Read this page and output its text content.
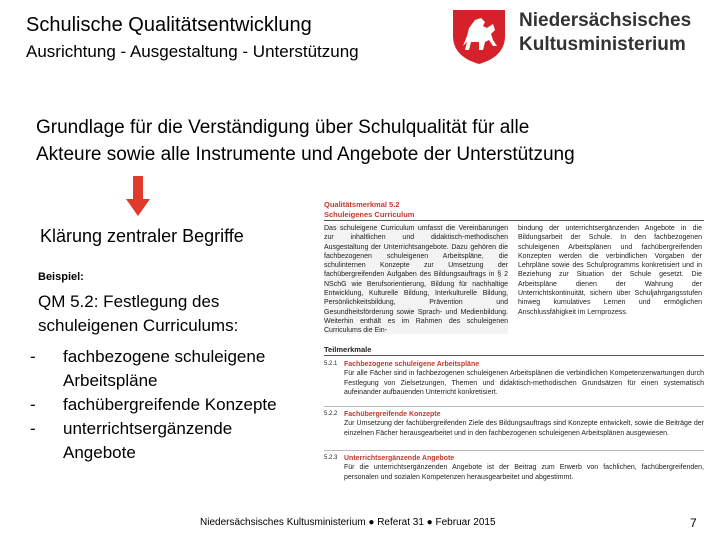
Schulische Qualitätsentwicklung
Ausrichtung - Ausgestaltung - Unterstützung
Niedersächsisches
Kultusministerium
Grundlage für die Verständigung über Schulqualität für alle
Akteure sowie alle Instrumente und Angebote der Unterstützung
Klärung zentraler Begriffe
Beispiel:
QM 5.2: Festlegung des
schuleigenen Curriculums:
- fachbezogene schuleigene Arbeitspläne
- fachübergreifende Konzepte
- unterrichtsergänzende Angebote
Qualitätsmerkmal 5.2
Schuleigenes Curriculum
Das schuleigene Curriculum umfasst die Vereinbarungen zur inhaltlichen und didaktisch-methodischen Ausgestaltung der Unterrichtsangebote. Dazu gehören die fachbezogenen schuleigenen Arbeitspläne, die schulinternen Konzepte zur Umsetzung der fachübergreifenden Aufgaben des Bildungsauftrags in § 2 NSchG wie Berufsorientierung, Bildung für nachhaltige Entwicklung, Kulturelle Bildung, Interkulturelle Bildung, Persönlichkeitsbildung, Prävention und Gesundheitsförderung sowie Sprach- und Medienbildung. Weiterhin enthält es im Rahmen des schuleigenen Curriculums die Ein-
bindung der unterrichtsergänzenden Angebote in die Bildungsarbeit der Schule. In den fachbezogenen schuleigenen Arbeitsplänen und fachübergreifenden Konzepten werden die verbindlichen Vorgaben der Lehrpläne sowie des Schulprogramms konkretisiert und in Beziehung zur Situation der Schule gesetzt. Die Arbeitspläne dienen der Wahrung der Unterrichtskontinuität, sichern über Schuljahrgangsstufen hinweg kumulatives Lernen und ermöglichen Anschlussfähigkeit im Lernprozess.
Teilmerkmale
5.2.1 Fachbezogene schuleigene Arbeitspläne
Für alle Fächer sind in fachbezogenen schuleigenen Arbeitsplänen die verbindlichen Kompetenzerwartungen durch Festlegung von Zielsetzungen, Themen und didaktisch-methodischen Grundsätzen für einen systematisch aufeinander aufbauenden Unterricht konkretisiert.
5.2.2 Fachübergreifende Konzepte
Zur Umsetzung der fachübergreifenden Ziele des Bildungsauftrags sind Konzepte entwickelt, sowie die Beiträge der einzelnen Fächer herausgearbeitet und in den fachbezogenen schuleigenen Arbeitsplänen ausgewiesen.
5.2.3 Unterrichtsergänzende Angebote
Für die unterrichtsergänzenden Angebote ist der Beitrag zum Erwerb von fachlichen, fachübergreifenden, personalen und sozialen Kompetenzen herausgearbeitet und abgestimmt.
Niedersächsisches Kultusministerium ● Referat 31 ● Februar 2015	7
